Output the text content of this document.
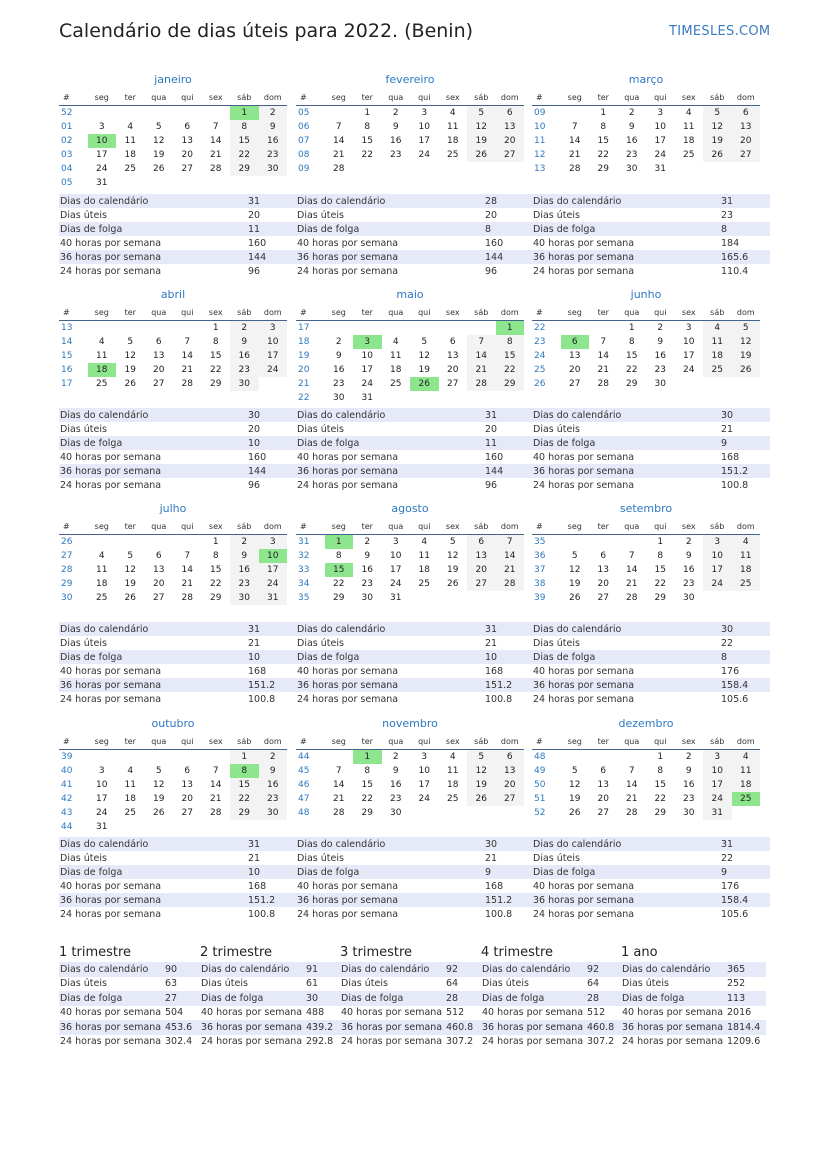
Calendário de dias úteis para 2022. (Benin)	TIMESLES.COM
janeiro
#	seg	ter	qua	qui	sex	sáb	dom
52						1	2
01	3	4	5	6	7	8	9
02	10	11	12	13	14	15	16
03	17	18	19	20	21	22	23
04	24	25	26	27	28	29	30
05	31						
Dias do calendário	31
Dias úteis	20
Dias de folga	11
40 horas por semana	160
36 horas por semana	144
24 horas por semana	96
fevereiro
#	seg	ter	qua	qui	sex	sáb	dom
05		1	2	3	4	5	6
06	7	8	9	10	11	12	13
07	14	15	16	17	18	19	20
08	21	22	23	24	25	26	27
09	28						
Dias do calendário	28
Dias úteis	20
Dias de folga	8
40 horas por semana	160
36 horas por semana	144
24 horas por semana	96
março
#	seg	ter	qua	qui	sex	sáb	dom
09		1	2	3	4	5	6
10	7	8	9	10	11	12	13
11	14	15	16	17	18	19	20
12	21	22	23	24	25	26	27
13	28	29	30	31			
Dias do calendário	31
Dias úteis	23
Dias de folga	8
40 horas por semana	184
36 horas por semana	165.6
24 horas por semana	110.4
abril
#	seg	ter	qua	qui	sex	sáb	dom
13					1	2	3
14	4	5	6	7	8	9	10
15	11	12	13	14	15	16	17
16	18	19	20	21	22	23	24
17	25	26	27	28	29	30	
Dias do calendário	30
Dias úteis	20
Dias de folga	10
40 horas por semana	160
36 horas por semana	144
24 horas por semana	96
maio
#	seg	ter	qua	qui	sex	sáb	dom
17							1
18	2	3	4	5	6	7	8
19	9	10	11	12	13	14	15
20	16	17	18	19	20	21	22
21	23	24	25	26	27	28	29
22	30	31					
Dias do calendário	31
Dias úteis	20
Dias de folga	11
40 horas por semana	160
36 horas por semana	144
24 horas por semana	96
junho
#	seg	ter	qua	qui	sex	sáb	dom
22			1	2	3	4	5
23	6	7	8	9	10	11	12
24	13	14	15	16	17	18	19
25	20	21	22	23	24	25	26
26	27	28	29	30			
Dias do calendário	30
Dias úteis	21
Dias de folga	9
40 horas por semana	168
36 horas por semana	151.2
24 horas por semana	100.8
julho
#	seg	ter	qua	qui	sex	sáb	dom
26					1	2	3
27	4	5	6	7	8	9	10
28	11	12	13	14	15	16	17
29	18	19	20	21	22	23	24
30	25	26	27	28	29	30	31
Dias do calendário	31
Dias úteis	21
Dias de folga	10
40 horas por semana	168
36 horas por semana	151.2
24 horas por semana	100.8
agosto
#	seg	ter	qua	qui	sex	sáb	dom
31	1	2	3	4	5	6	7
32	8	9	10	11	12	13	14
33	15	16	17	18	19	20	21
34	22	23	24	25	26	27	28
35	29	30	31				
Dias do calendário	31
Dias úteis	21
Dias de folga	10
40 horas por semana	168
36 horas por semana	151.2
24 horas por semana	100.8
setembro
#	seg	ter	qua	qui	sex	sáb	dom
35				1	2	3	4
36	5	6	7	8	9	10	11
37	12	13	14	15	16	17	18
38	19	20	21	22	23	24	25
39	26	27	28	29	30		
Dias do calendário	30
Dias úteis	22
Dias de folga	8
40 horas por semana	176
36 horas por semana	158.4
24 horas por semana	105.6
outubro
#	seg	ter	qua	qui	sex	sáb	dom
39						1	2
40	3	4	5	6	7	8	9
41	10	11	12	13	14	15	16
42	17	18	19	20	21	22	23
43	24	25	26	27	28	29	30
44	31						
Dias do calendário	31
Dias úteis	21
Dias de folga	10
40 horas por semana	168
36 horas por semana	151.2
24 horas por semana	100.8
novembro
#	seg	ter	qua	qui	sex	sáb	dom
44		1	2	3	4	5	6
45	7	8	9	10	11	12	13
46	14	15	16	17	18	19	20
47	21	22	23	24	25	26	27
48	28	29	30				
Dias do calendário	30
Dias úteis	21
Dias de folga	9
40 horas por semana	168
36 horas por semana	151.2
24 horas por semana	100.8
dezembro
#	seg	ter	qua	qui	sex	sáb	dom
48				1	2	3	4
49	5	6	7	8	9	10	11
50	12	13	14	15	16	17	18
51	19	20	21	22	23	24	25
52	26	27	28	29	30	31	
Dias do calendário	31
Dias úteis	22
Dias de folga	9
40 horas por semana	176
36 horas por semana	158.4
24 horas por semana	105.6
1 trimestre
Dias do calendário	90
Dias úteis	63
Dias de folga	27
40 horas por semana	504
36 horas por semana	453.6
24 horas por semana	302.4
2 trimestre
Dias do calendário	91
Dias úteis	61
Dias de folga	30
40 horas por semana	488
36 horas por semana	439.2
24 horas por semana	292.8
3 trimestre
Dias do calendário	92
Dias úteis	64
Dias de folga	28
40 horas por semana	512
36 horas por semana	460.8
24 horas por semana	307.2
4 trimestre
Dias do calendário	92
Dias úteis	64
Dias de folga	28
40 horas por semana	512
36 horas por semana	460.8
24 horas por semana	307.2
1 ano
Dias do calendário	365
Dias úteis	252
Dias de folga	113
40 horas por semana	2016
36 horas por semana	1814.4
24 horas por semana	1209.6
